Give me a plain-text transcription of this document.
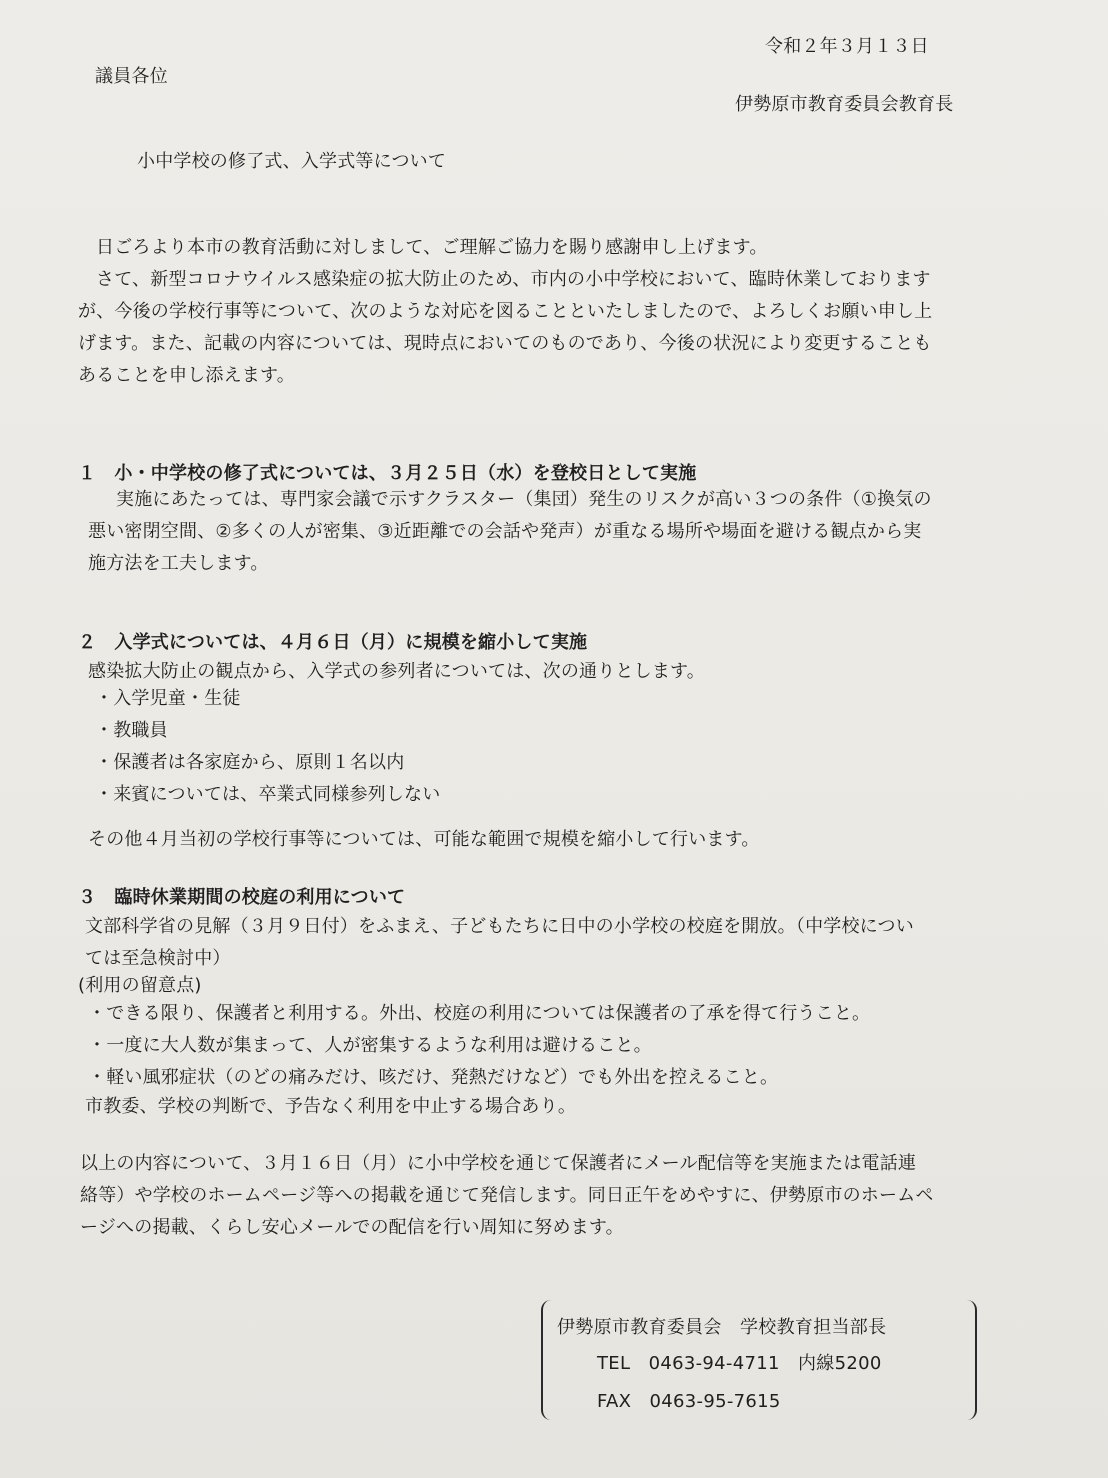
令和２年３月１３日
議員各位
伊勢原市教育委員会教育長
小中学校の修了式、入学式等について

日ごろより本市の教育活動に対しまして、ご理解ご協力を賜り感謝申し上げます。

さて、新型コロナウイルス感染症の拡大防止のため、市内の小中学校において、臨時休業しております

が、今後の学校行事等について、次のような対応を図ることといたしましたので、よろしくお願い申し上

げます。また、記載の内容については、現時点においてのものであり、今後の状況により変更することも

あることを申し添えます。

１　小・中学校の修了式については、３月２５日（水）を登校日として実施

実施にあたっては、専門家会議で示すクラスター（集団）発生のリスクが高い３つの条件（①換気の

悪い密閉空間、②多くの人が密集、③近距離での会話や発声）が重なる場所や場面を避ける観点から実

施方法を工夫します。

２　入学式については、４月６日（月）に規模を縮小して実施
感染拡大防止の観点から、入学式の参列者については、次の通りとします。

・入学児童・生徒

・教職員

・保護者は各家庭から、原則１名以内

・来賓については、卒業式同様参列しない

その他４月当初の学校行事等については、可能な範囲で規模を縮小して行います。
３　臨時休業期間の校庭の利用について

文部科学省の見解（３月９日付）をふまえ、子どもたちに日中の小学校の校庭を開放。（中学校につい

ては至急検討中）

(利用の留意点)

・できる限り、保護者と利用する。外出、校庭の利用については保護者の了承を得て行うこと。

・一度に大人数が集まって、人が密集するような利用は避けること。

・軽い風邪症状（のどの痛みだけ、咳だけ、発熱だけなど）でも外出を控えること。

市教委、学校の判断で、予告なく利用を中止する場合あり。

以上の内容について、３月１６日（月）に小中学校を通じて保護者にメール配信等を実施または電話連

絡等）や学校のホームページ等への掲載を通じて発信します。同日正午をめやすに、伊勢原市のホームペ

ージへの掲載、くらし安心メールでの配信を行い周知に努めます。

伊勢原市教育委員会　学校教育担当部長
TEL　0463-94-4711　内線5200
FAX　0463-95-7615
